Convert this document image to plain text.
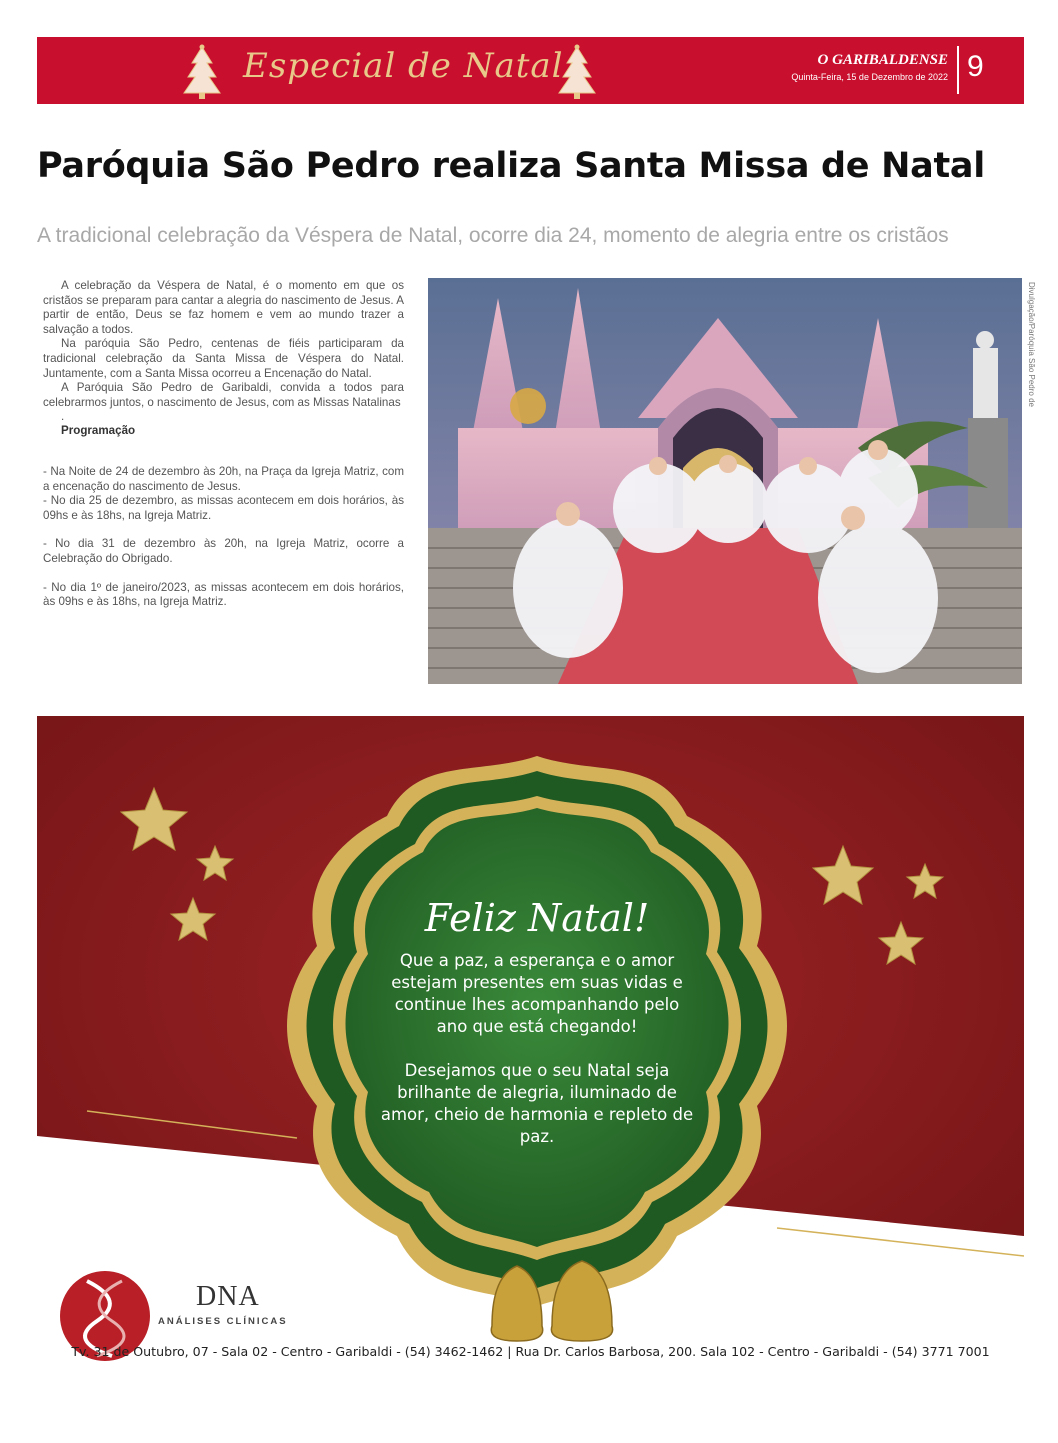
Especial de Natal	O GARIBALDENSE
Quinta-Feira, 15 de Dezembro de 2022 9
Paróquia São Pedro realiza Santa Missa de Natal
A tradicional celebração da Véspera de Natal, ocorre dia 24, momento de alegria entre os cristãos

A celebração da Véspera de Natal, é o momento em que os cristãos se preparam para cantar a alegria do nascimento de Jesus. A partir de então, Deus se faz homem e vem ao mundo trazer a salvação a todos.

Na paróquia São Pedro, centenas de fiéis participaram da tradicional celebração da Santa Missa de Véspera do Natal. Juntamente, com a Santa Missa ocorreu a Encenação do Natal.

A Paróquia São Pedro de Garibaldi, convida a todos para celebrarmos juntos, o nascimento de Jesus, com as Missas Natalinas

.
Programação
- Na Noite de 24 de dezembro às 20h, na Praça da Igreja Matriz, com a encenação do nascimento de Jesus.
- No dia 25 de dezembro, as missas acontecem em dois horários, às 09hs e às 18hs, na Igreja Matriz.
- No dia 31 de dezembro às 20h, na Igreja Matriz, ocorre a Celebração do Obrigado.
- No dia 1º de janeiro/2023, as missas acontecem em dois horários, às 09hs e às 18hs, na Igreja Matriz.
Divulgação/Paróquia São Pedro de
Feliz Natal!
Que a paz, a esperança e o amor estejam presentes em suas vidas e continue lhes acompanhando pelo ano que está chegando!
Desejamos que o seu Natal seja brilhante de alegria, iluminado de amor, cheio de harmonia e repleto de paz.
DNA
ANÁLISES CLÍNICAS
Tv. 31 de Outubro, 07 - Sala 02 - Centro - Garibaldi - (54) 3462-1462 | Rua Dr. Carlos Barbosa, 200. Sala 102 - Centro - Garibaldi - (54) 3771 7001
